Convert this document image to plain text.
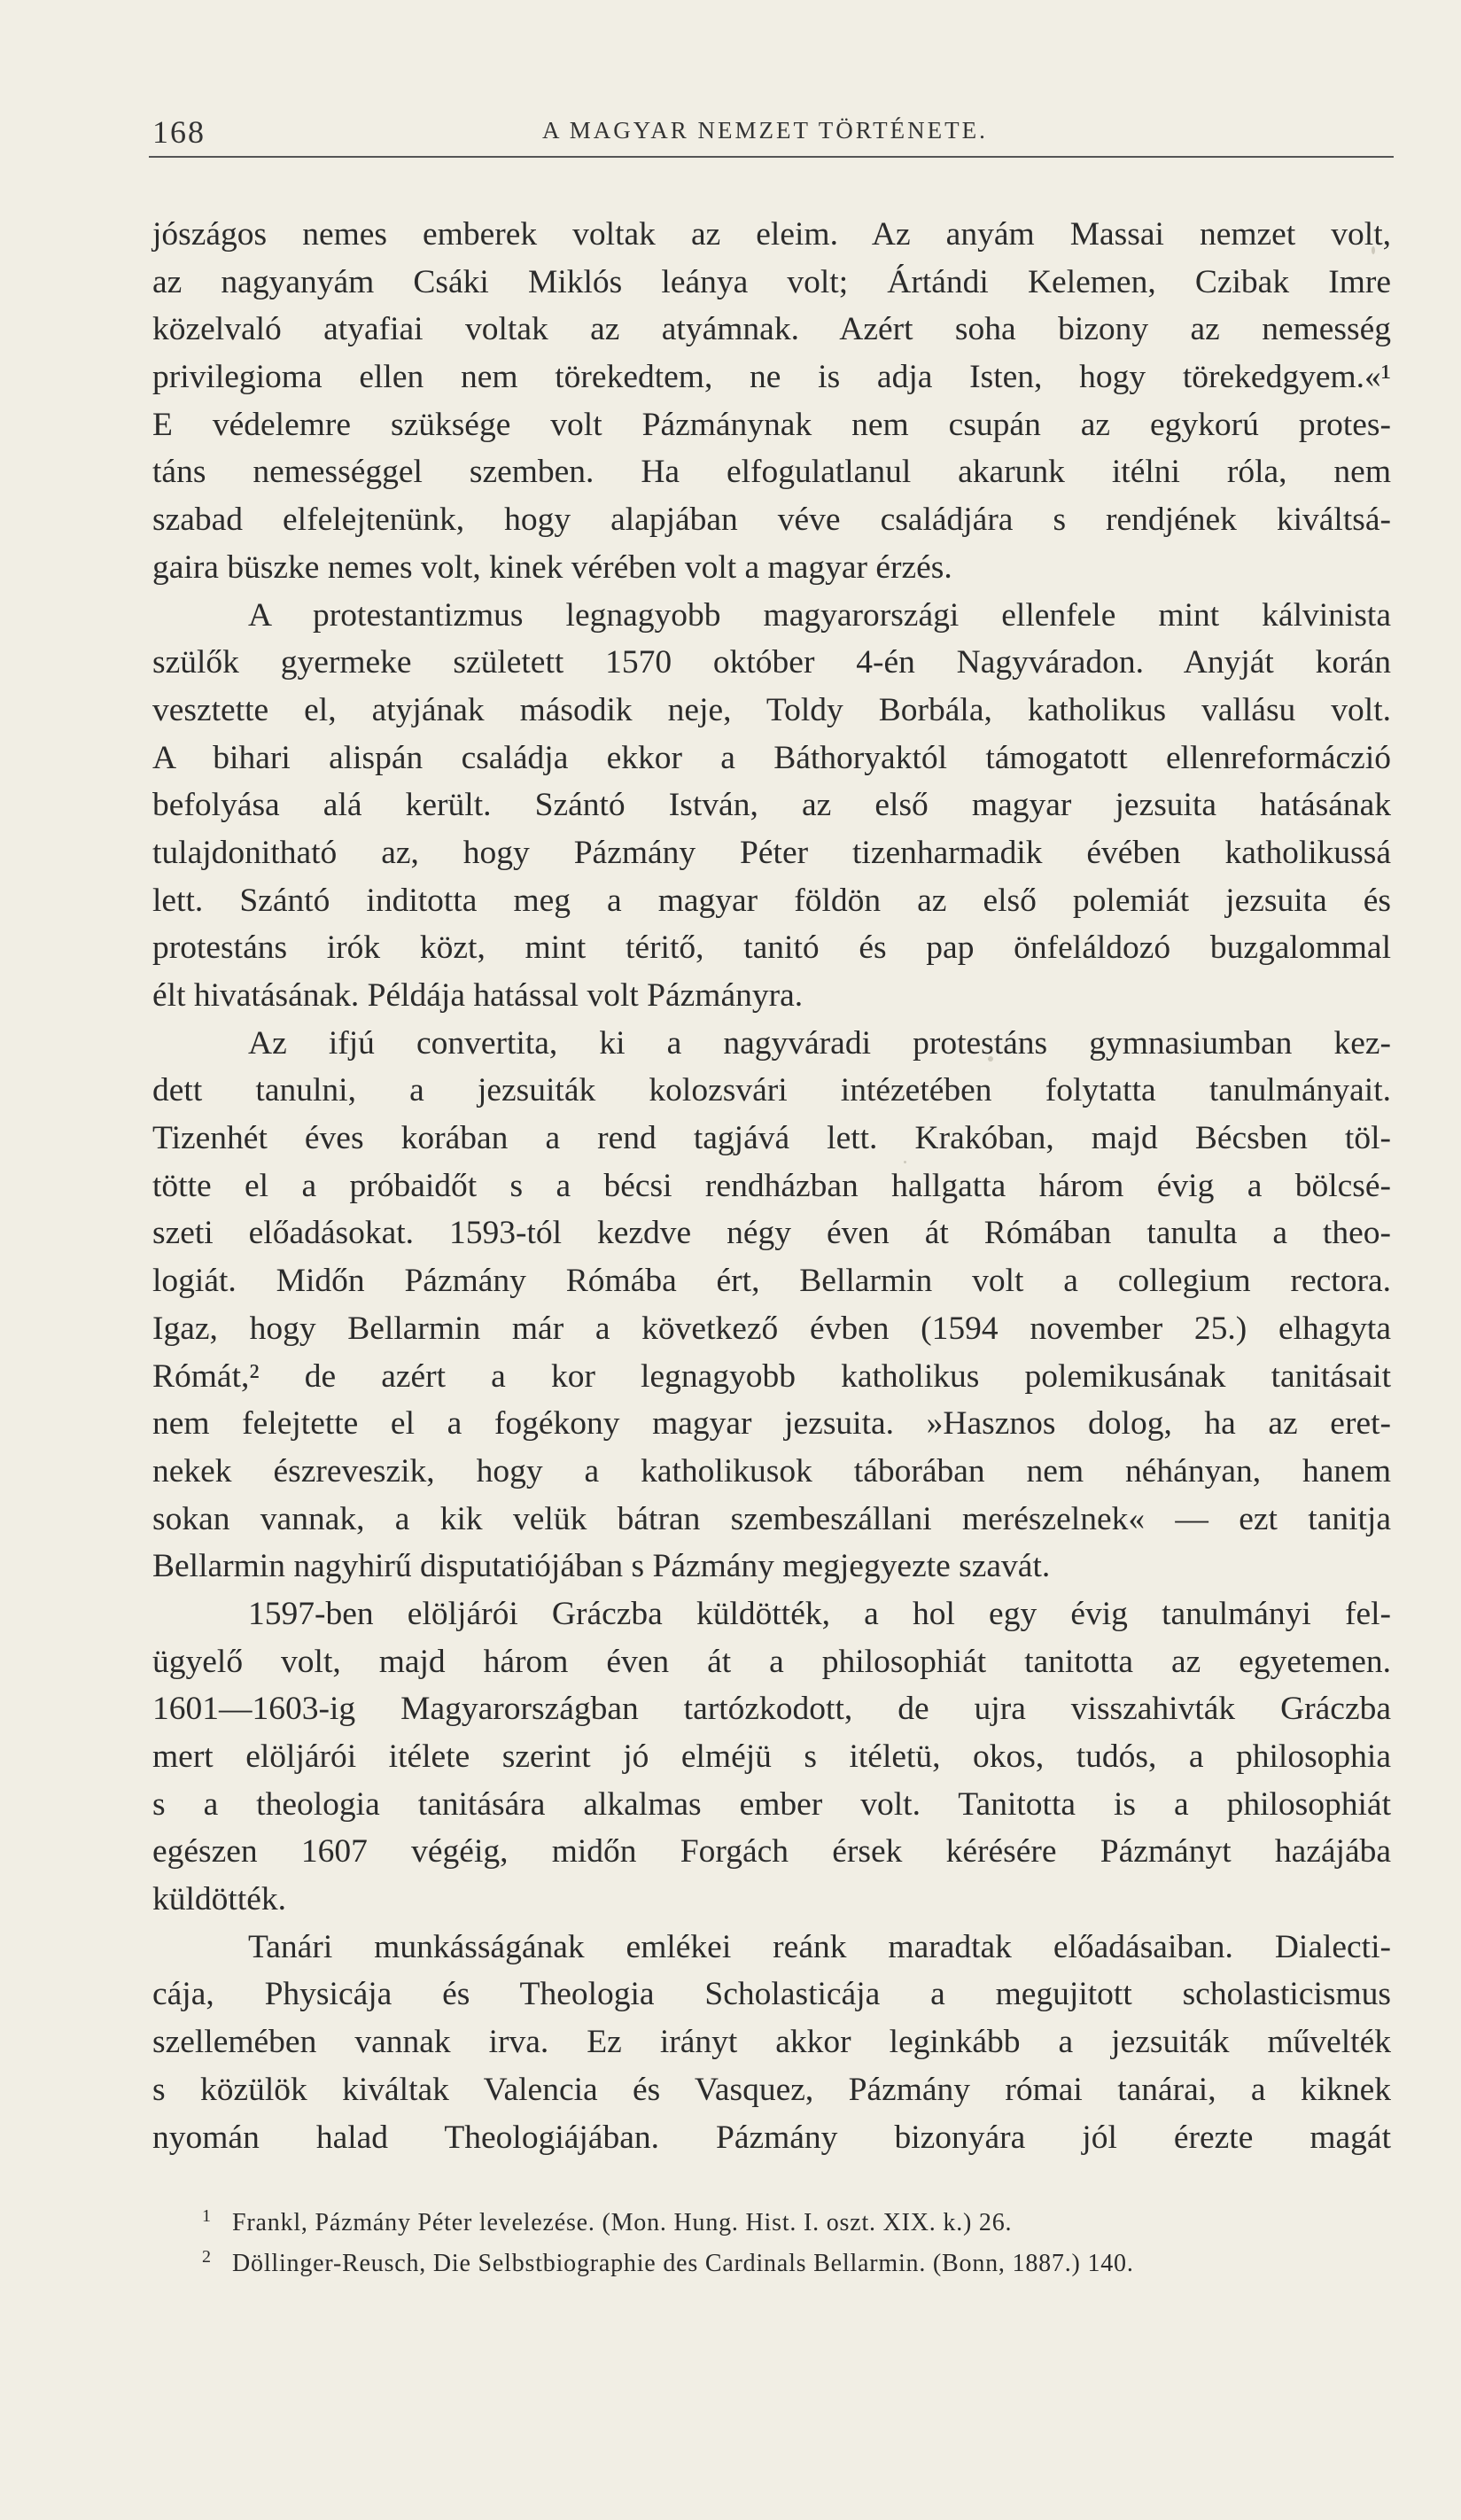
168	A MAGYAR NEMZET TÖRTÉNETE.
jószágos nemes emberek voltak az eleim. Az anyám Massai nemzet volt,
az nagyanyám Csáki Miklós leánya volt; Ártándi Kelemen, Czibak Imre
közelvaló atyafiai voltak az atyámnak. Azért soha bizony az nemesség
privilegioma ellen nem törekedtem, ne is adja Isten, hogy törekedgyem.«¹
E védelemre szüksége volt Pázmánynak nem csupán az egykorú protes-
táns nemességgel szemben. Ha elfogulatlanul akarunk itélni róla, nem
szabad elfelejtenünk, hogy alapjában véve családjára s rendjének kiváltsá-
gaira büszke nemes volt, kinek vérében volt a magyar érzés.
A protestantizmus legnagyobb magyarországi ellenfele mint kálvinista
szülők gyermeke született 1570 október 4-én Nagyváradon. Anyját korán
vesztette el, atyjának második neje, Toldy Borbála, katholikus vallásu volt.
A bihari alispán családja ekkor a Báthoryaktól támogatott ellenreformáczió
befolyása alá került. Szántó István, az első magyar jezsuita hatásának
tulajdonitható az, hogy Pázmány Péter tizenharmadik évében katholikussá
lett. Szántó inditotta meg a magyar földön az első polemiát jezsuita és
protestáns irók közt, mint téritő, tanitó és pap önfeláldozó buzgalommal
élt hivatásának. Példája hatással volt Pázmányra.
Az ifjú convertita, ki a nagyváradi protestáns gymnasiumban kez-
dett tanulni, a jezsuiták kolozsvári intézetében folytatta tanulmányait.
Tizenhét éves korában a rend tagjává lett. Krakóban, majd Bécsben töl-
tötte el a próbaidőt s a bécsi rendházban hallgatta három évig a bölcsé-
szeti előadásokat. 1593-tól kezdve négy éven át Rómában tanulta a theo-
logiát. Midőn Pázmány Rómába ért, Bellarmin volt a collegium rectora.
Igaz, hogy Bellarmin már a következő évben (1594 november 25.) elhagyta
Rómát,² de azért a kor legnagyobb katholikus polemikusának tanitásait
nem felejtette el a fogékony magyar jezsuita. »Hasznos dolog, ha az eret-
nekek észreveszik, hogy a katholikusok táborában nem néhányan, hanem
sokan vannak, a kik velük bátran szembeszállani merészelnek« — ezt tanitja
Bellarmin nagyhirű disputatiójában s Pázmány megjegyezte szavát.
1597-ben elöljárói Gráczba küldötték, a hol egy évig tanulmányi fel-
ügyelő volt, majd három éven át a philosophiát tanitotta az egyetemen.
1601—1603-ig Magyarországban tartózkodott, de ujra visszahivták Gráczba
mert elöljárói itélete szerint jó elméjü s itéletü, okos, tudós, a philosophia
s a theologia tanitására alkalmas ember volt. Tanitotta is a philosophiát
egészen 1607 végéig, midőn Forgách érsek kérésére Pázmányt hazájába
küldötték.
Tanári munkásságának emlékei reánk maradtak előadásaiban. Dialecti-
cája, Physicája és Theologia Scholasticája a megujitott scholasticismus
szellemében vannak irva. Ez irányt akkor leginkább a jezsuiták művelték
s közülök kiváltak Valencia és Vasquez, Pázmány római tanárai, a kiknek
nyomán halad Theologiájában. Pázmány bizonyára jól érezte magát
1 Frankl, Pázmány Péter levelezése. (Mon. Hung. Hist. I. oszt. XIX. k.) 26.
2 Döllinger-Reusch, Die Selbstbiographie des Cardinals Bellarmin. (Bonn, 1887.) 140.
